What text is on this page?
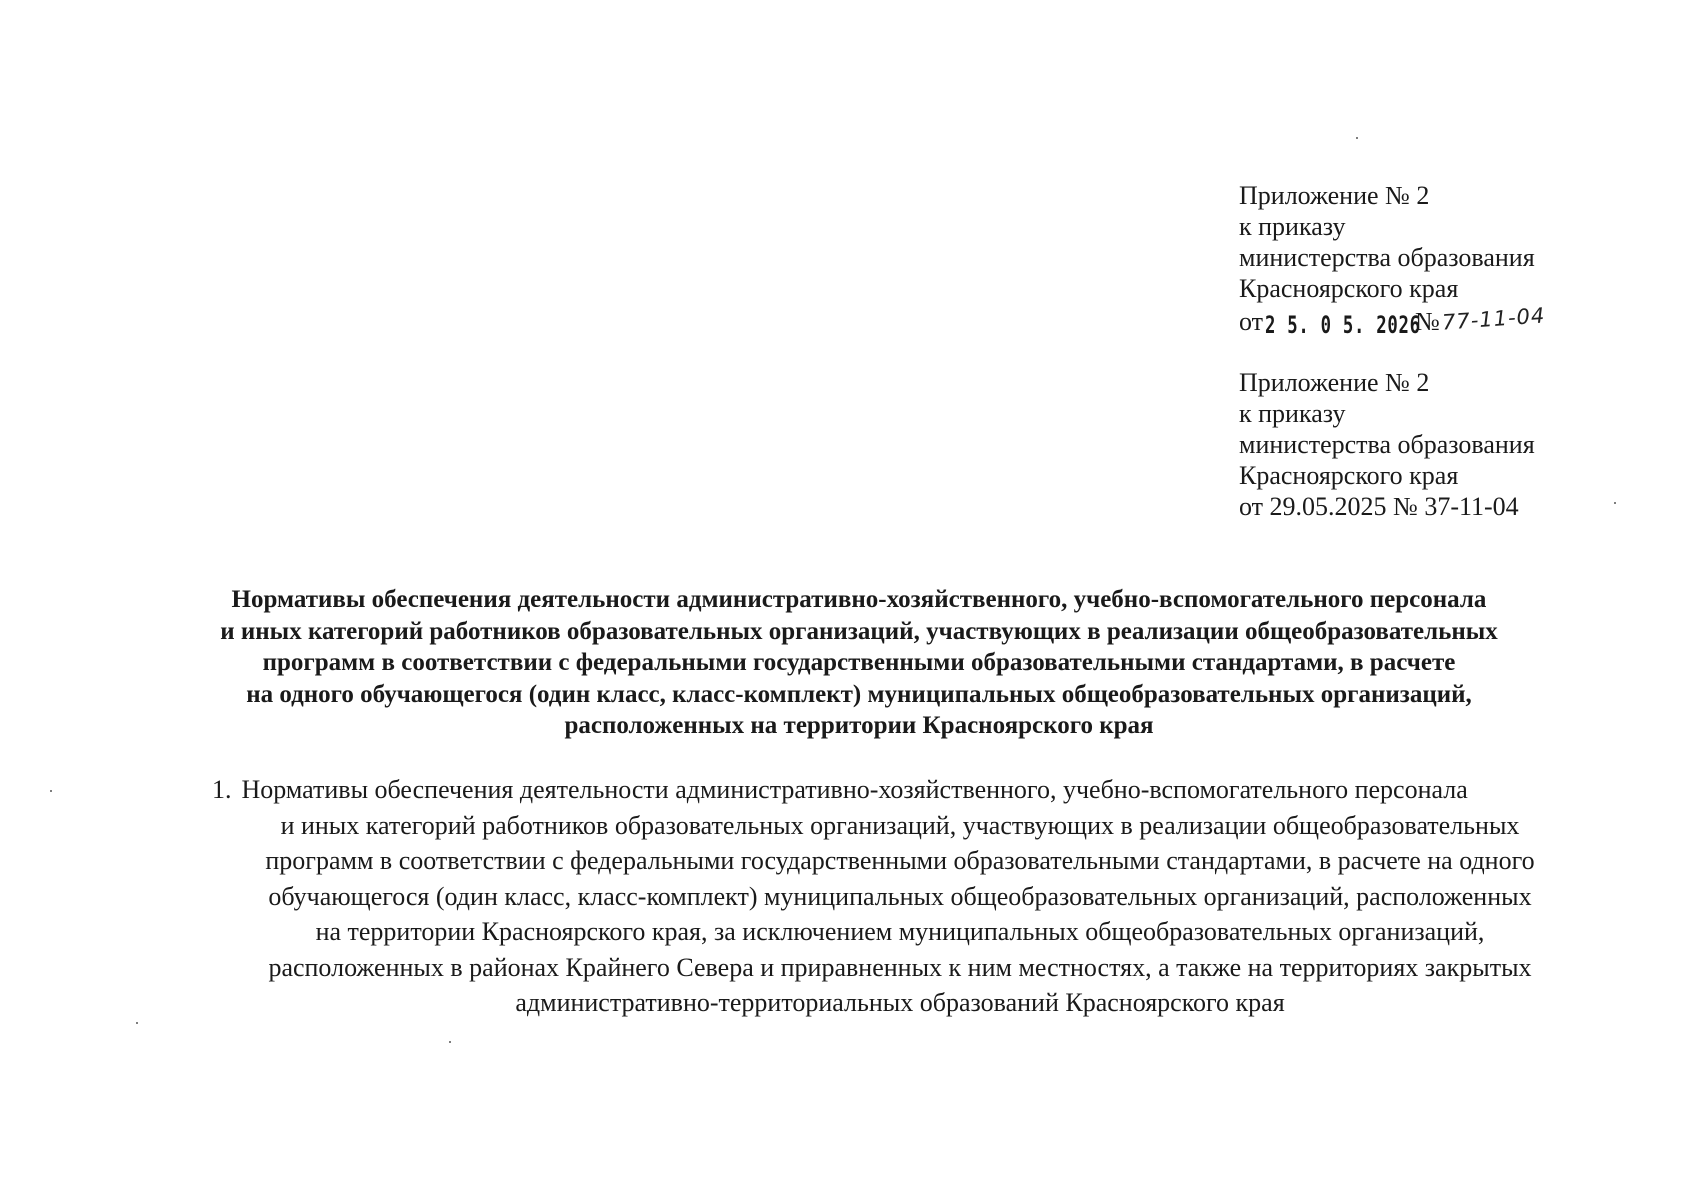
Приложение № 2
к приказу
министерства образования
Красноярского края
от2 5. 0 5. 2026№77-11-04
Приложение № 2
к приказу
министерства образования
Красноярского края
от 29.05.2025 № 37-11-04
Нормативы обеспечения деятельности административно-хозяйственного, учебно-вспомогательного персонала
и иных категорий работников образовательных организаций, участвующих в реализации общеобразовательных
программ в соответствии с федеральными государственными образовательными стандартами, в расчете
на одного обучающегося (один класс, класс-комплект) муниципальных общеобразовательных организаций,
расположенных на территории Красноярского края
1. Нормативы обеспечения деятельности административно-хозяйственного, учебно-вспомогательного персонала
и иных категорий работников образовательных организаций, участвующих в реализации общеобразовательных
программ в соответствии с федеральными государственными образовательными стандартами, в расчете на одного
обучающегося (один класс, класс-комплект) муниципальных общеобразовательных организаций, расположенных
на территории Красноярского края, за исключением муниципальных общеобразовательных организаций,
расположенных в районах Крайнего Севера и приравненных к ним местностях, а также на территориях закрытых
административно-территориальных образований Красноярского края
